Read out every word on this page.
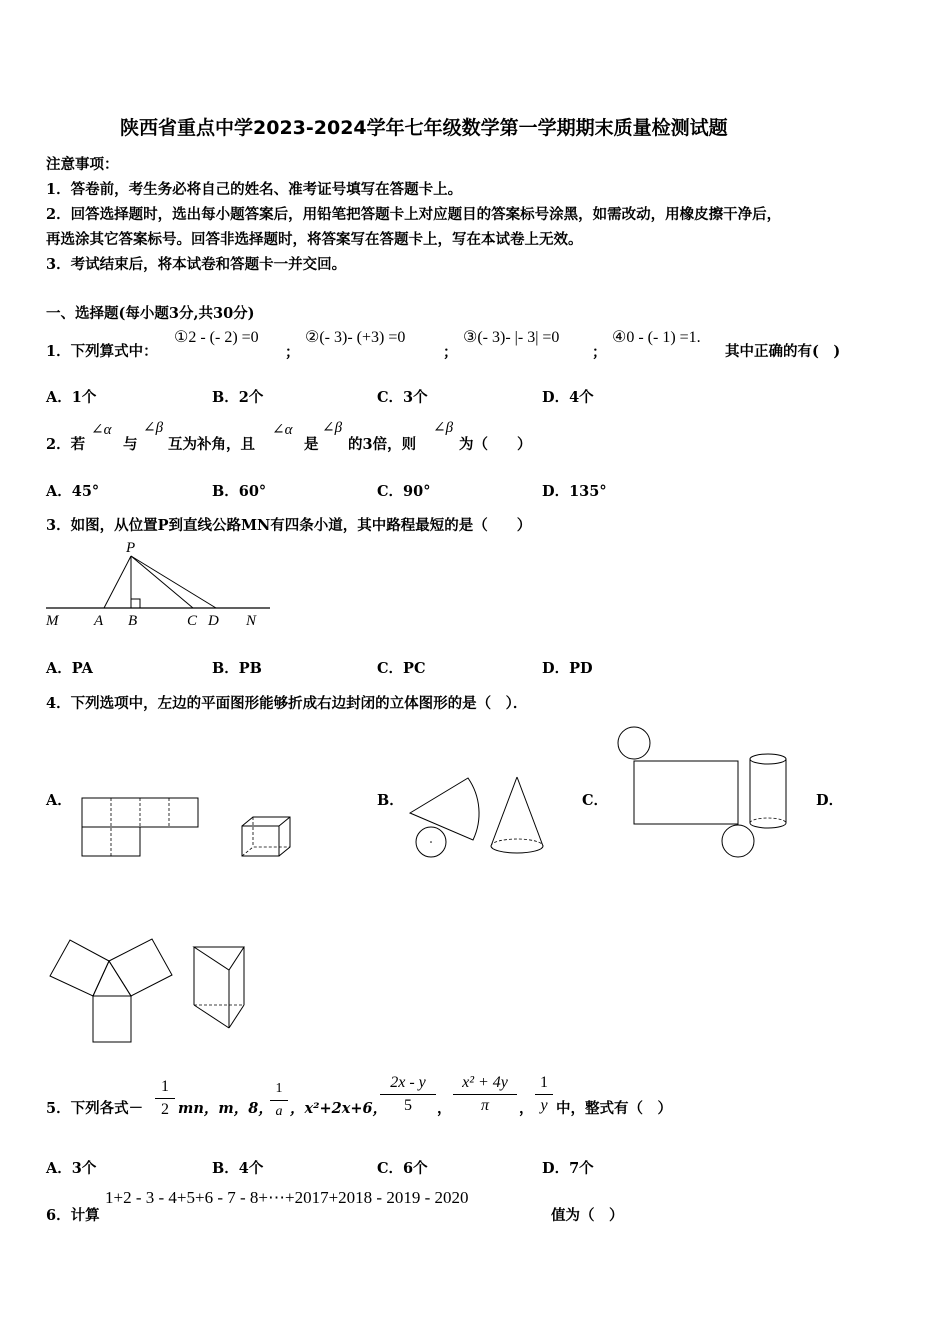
陕西省重点中学2023-2024学年七年级数学第一学期期末质量检测试题
注意事项：
1．答卷前，考生务必将自己的姓名、准考证号填写在答题卡上。
2．回答选择题时，选出每小题答案后，用铅笔把答题卡上对应题目的答案标号涂黑，如需改动，用橡皮擦干净后，
再选涂其它答案标号。回答非选择题时，将答案写在答题卡上，写在本试卷上无效。
3．考试结束后，将本试卷和答题卡一并交回。
一、选择题(每小题3分,共30分)
1．下列算式中：
①2 - (- 2) =0
；
②(- 3)- (+3) =0
；
③(- 3)- |- 3| =0
；
④0 - (- 1) =1.
其中正确的有(　)
A．1个	B．2个	C．3个	D．4个
2．若
∠α
与
∠β
互为补角，且
∠α
是
∠β
的3倍，则
∠β
为（　　）
A．45°	B．60°	C．90°	D．135°
3．如图，从位置P到直线公路MN有四条小道，其中路程最短的是（　　）
P
M A B	C D N
A．PA	B．PB	C．PC	D．PD
4．下列选项中，左边的平面图形能够折成右边封闭的立体图形的是（　）．
A．	B．	C．	D．
5．下列各式－
1
2 mn，m，8，
1
a ，x²+2x+6，
2x - y
5	，
x² + 4y
π	，
1
y 中，整式有（　）
A．3个	B．4个	C．6个	D．7个
6．计算
1+2 - 3 - 4+5+6 - 7 - 8+⋯+2017+2018 - 2019 - 2020
值为（　）
